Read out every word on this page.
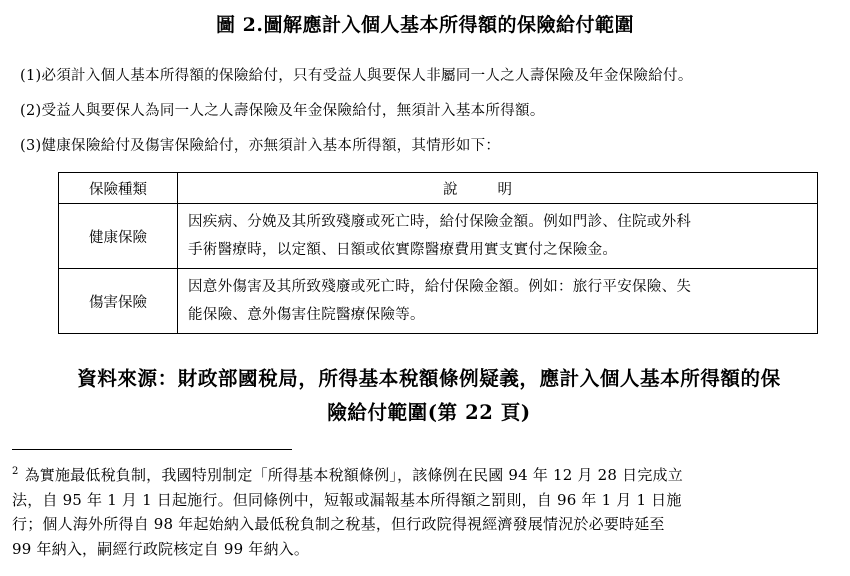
圖 2.圖解應計入個人基本所得額的保險給付範圍
(1)必須計入個人基本所得額的保險給付，只有受益人與要保人非屬同一人之人壽保險及年金保險給付。
(2)受益人與要保人為同一人之人壽保險及年金保險給付，無須計入基本所得額。
(3)健康保險給付及傷害保險給付，亦無須計入基本所得額，其情形如下：
保險種類	說明
健康保險	因疾病、分娩及其所致殘廢或死亡時，給付保險金額。例如門診、住院或外科
手術醫療時，以定額、日額或依實際醫療費用實支實付之保險金。

傷害保險	因意外傷害及其所致殘廢或死亡時，給付保險金額。例如：旅行平安保險、失
能保險、意外傷害住院醫療保險等。
資料來源：財政部國稅局，所得基本稅額條例疑義，應計入個人基本所得額的保
險給付範圍(第 22 頁)
$^2$ 為實施最低稅負制，我國特別制定「所得基本稅額條例」，該條例在民國 94 年 12 月 28 日完成立
法，自 95 年 1 月 1 日起施行。但同條例中，短報或漏報基本所得額之罰則，自 96 年 1 月 1 日施
行；個人海外所得自 98 年起始納入最低稅負制之稅基，但行政院得視經濟發展情況於必要時延至
99 年納入，嗣經行政院核定自 99 年納入。
